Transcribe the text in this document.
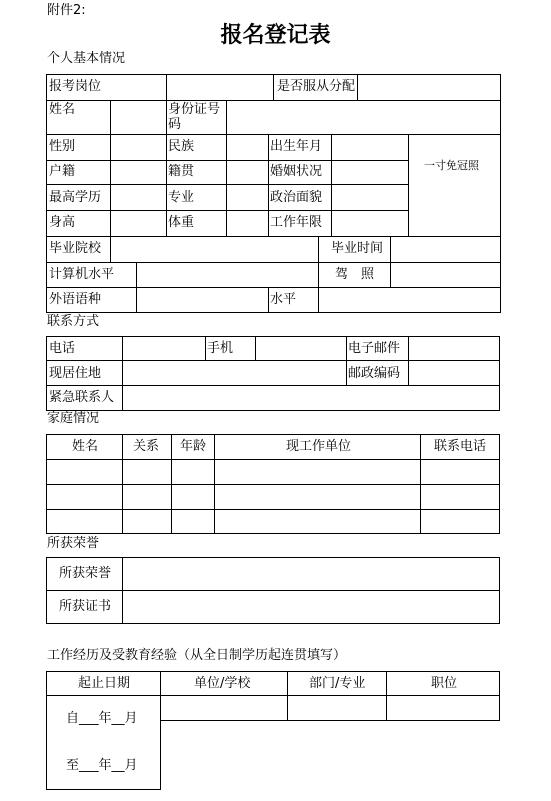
附件2:
报名登记表
个人基本情况
报考岗位	是否服从分配
姓名	身份证号
码
性别	民族	出生年月
一寸免冠照
户籍	籍贯	婚姻状况
最高学历	专业	政治面貌
身高	体重	工作年限
毕业院校	毕业时间
计算机水平	驾　照
外语语种	水平
联系方式
电话	手机	电子邮件
现居住地	邮政编码
紧急联系人
家庭情况
姓名	关系 年龄	现工作单位	联系电话
所获荣誉
所获荣誉
所获证书
工作经历及受教育经验（从全日制学历起连贯填写）
起止日期	单位/学校	部门/专业	职位
自___年__月
至___年__月
